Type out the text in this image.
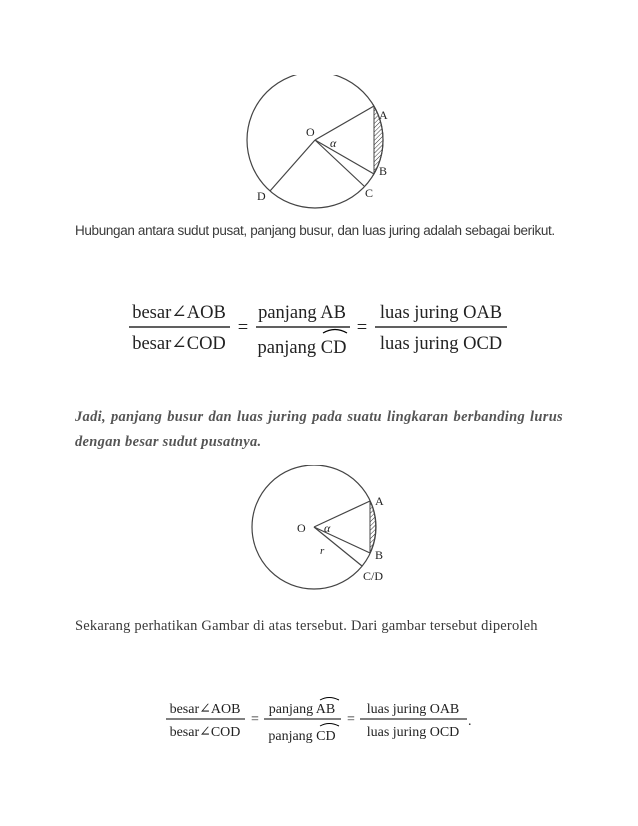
O
α
A
B
C
D

Hubungan antara sudut pusat, panjang busur, dan luas juring adalah sebagai berikut.

besar∠AOB
besar∠COD
=
panjang AB
panjang CD
=
luas juring OAB
luas juring OCD

Jadi, panjang busur dan luas juring pada suatu lingkaran berbanding lurus dengan besar sudut pusatnya.

O α
r
A
B
C/D

Sekarang perhatikan Gambar di atas tersebut. Dari gambar tersebut diperoleh

besar∠AOB
besar∠COD
=
panjang AB
panjang CD
=
luas juring OAB
luas juring OCD
.
